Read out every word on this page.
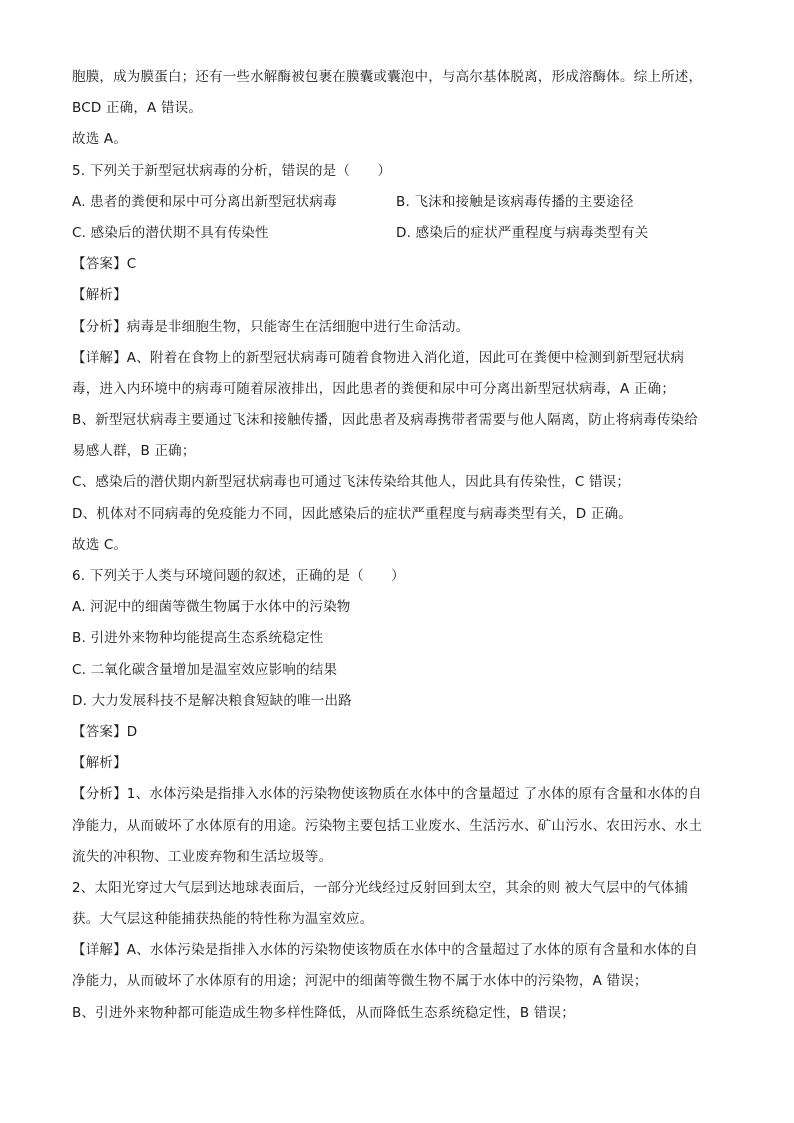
胞膜，成为膜蛋白；还有一些水解酶被包裹在膜囊或囊泡中，与高尔基体脱离，形成溶酶体。综上所述，
BCD 正确，A 错误。
故选 A。
5. 下列关于新型冠状病毒的分析，错误的是（　　）
A. 患者的粪便和尿中可分离出新型冠状病毒	B. 飞沫和接触是该病毒传播的主要途径
C. 感染后的潜伏期不具有传染性	D. 感染后的症状严重程度与病毒类型有关
【答案】C
【解析】
【分析】病毒是非细胞生物，只能寄生在活细胞中进行生命活动。
【详解】A、附着在食物上的新型冠状病毒可随着食物进入消化道，因此可在粪便中检测到新型冠状病
毒，进入内环境中的病毒可随着尿液排出，因此患者的粪便和尿中可分离出新型冠状病毒，A 正确；
B、新型冠状病毒主要通过飞沫和接触传播，因此患者及病毒携带者需要与他人隔离，防止将病毒传染给
易感人群，B 正确；
C、感染后的潜伏期内新型冠状病毒也可通过飞沫传染给其他人，因此具有传染性，C 错误；
D、机体对不同病毒的免疫能力不同，因此感染后的症状严重程度与病毒类型有关，D 正确。
故选 C。
6. 下列关于人类与环境问题的叙述，正确的是（　　）
A. 河泥中的细菌等微生物属于水体中的污染物
B. 引进外来物种均能提高生态系统稳定性
C. 二氧化碳含量增加是温室效应影响的结果
D. 大力发展科技不是解决粮食短缺的唯一出路
【答案】D
【解析】
【分析】1、水体污染是指排入水体的污染物使该物质在水体中的含量超过 了水体的原有含量和水体的自
净能力，从而破坏了水体原有的用途。污染物主要包括工业废水、生活污水、矿山污水、农田污水、水土
流失的冲积物、工业废弃物和生活垃圾等。
2、太阳光穿过大气层到达地球表面后，一部分光线经过反射回到太空，其余的则 被大气层中的气体捕
获。大气层这种能捕获热能的特性称为温室效应。
【详解】A、水体污染是指排入水体的污染物使该物质在水体中的含量超过了水体的原有含量和水体的自
净能力，从而破坏了水体原有的用途；河泥中的细菌等微生物不属于水体中的污染物，A 错误；
B、引进外来物种都可能造成生物多样性降低，从而降低生态系统稳定性，B 错误；
